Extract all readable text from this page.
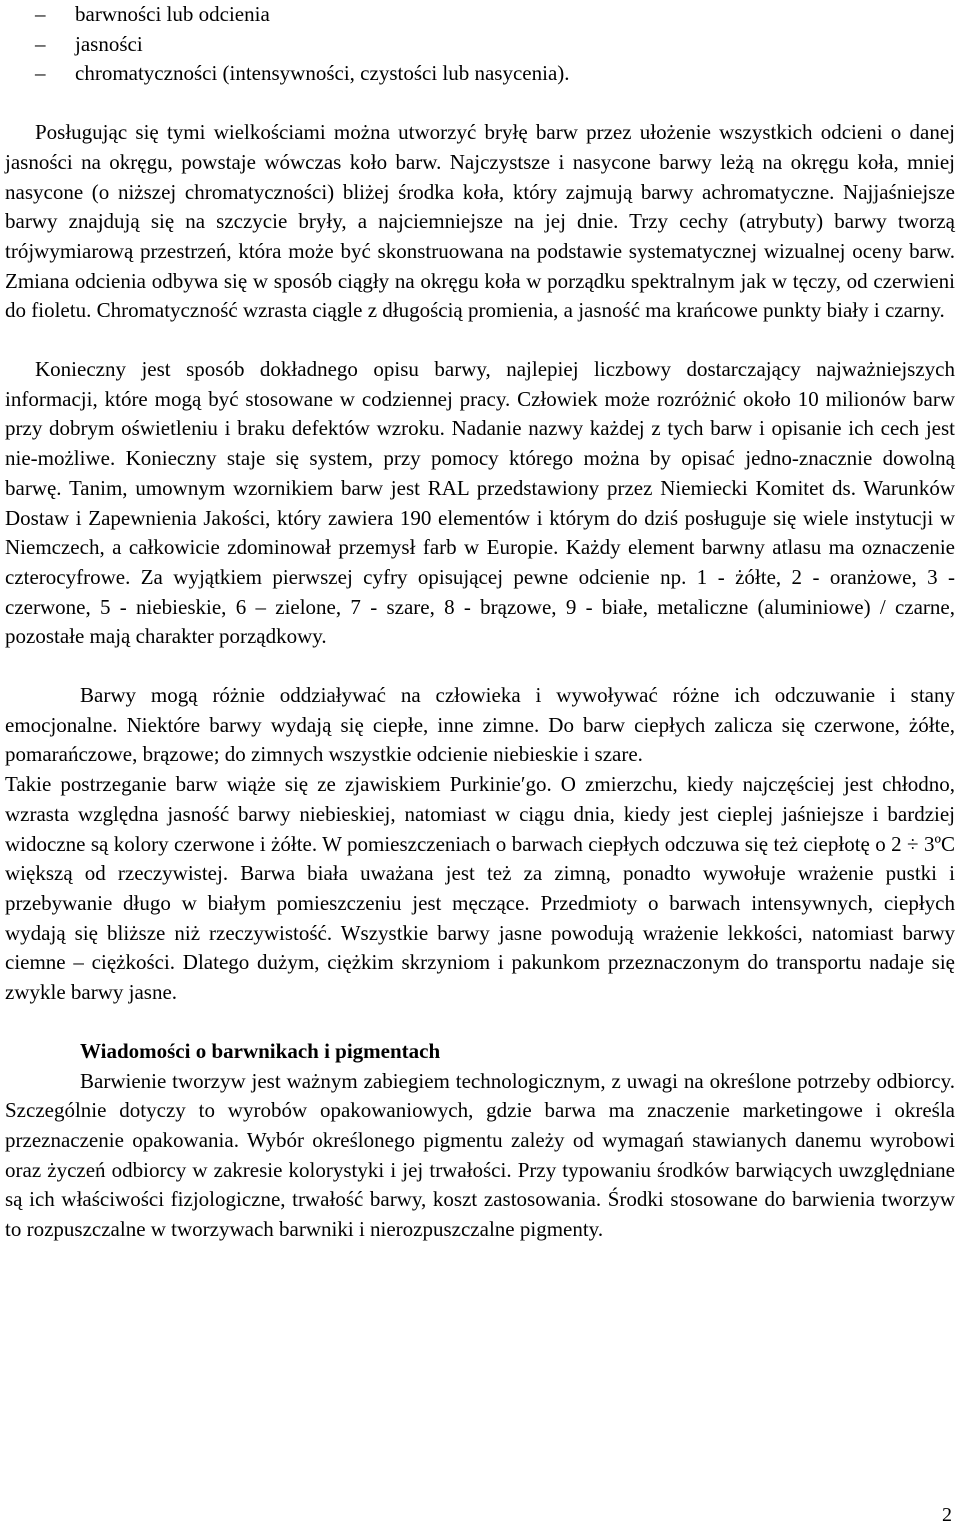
– barwności lub odcienia
– jasności
– chromatyczności (intensywności, czystości lub nasycenia).

Posługując się tymi wielkościami można utworzyć bryłę barw przez ułożenie wszystkich odcieni o danej jasności na okręgu, powstaje wówczas koło barw. Najczystsze i nasycone barwy leżą na okręgu koła, mniej nasycone (o niższej chromatyczności) bliżej środka koła, który zajmują barwy achromatyczne. Najjaśniejsze barwy znajdują się na szczycie bryły, a najciemniejsze na jej dnie. Trzy cechy (atrybuty) barwy tworzą trójwymiarową przestrzeń, która może być skonstruowana na podstawie systematycznej wizualnej oceny barw. Zmiana odcienia odbywa się w sposób ciągły na okręgu koła w porządku spektralnym jak w tęczy, od czerwieni do fioletu. Chromatyczność wzrasta ciągle z długością promienia, a jasność ma krańcowe punkty biały i czarny.

Konieczny jest sposób dokładnego opisu barwy, najlepiej liczbowy dostarczający najważniejszych informacji, które mogą być stosowane w codziennej pracy. Człowiek może rozróżnić około 10 milionów barw przy dobrym oświetleniu i braku defektów wzroku. Nadanie nazwy każdej z tych barw i opisanie ich cech jest nie-możliwe. Konieczny staje się system, przy pomocy którego można by opisać jedno-znacznie dowolną barwę. Tanim, umownym wzornikiem barw jest RAL przedstawiony przez Niemiecki Komitet ds. Warunków Dostaw i Zapewnienia Jakości, który zawiera 190 elementów i którym do dziś posługuje się wiele instytucji w Niemczech, a całkowicie zdominował przemysł farb w Europie. Każdy element barwny atlasu ma oznaczenie czterocyfrowe. Za wyjątkiem pierwszej cyfry opisującej pewne odcienie np. 1 - żółte, 2 - oranżowe, 3 - czerwone, 5 - niebieskie, 6 – zielone, 7 - szare, 8 - brązowe, 9 - białe, metaliczne (aluminiowe) / czarne, pozostałe mają charakter porządkowy.

Barwy mogą różnie oddziaływać na człowieka i wywoływać różne ich odczuwanie i stany emocjonalne. Niektóre barwy wydają się ciepłe, inne zimne. Do barw ciepłych zalicza się czerwone, żółte, pomarańczowe, brązowe; do zimnych wszystkie odcienie niebieskie i szare.

Takie postrzeganie barw wiąże się ze zjawiskiem Purkinie′go. O zmierzchu, kiedy najczęściej jest chłodno, wzrasta względna jasność barwy niebieskiej, natomiast w ciągu dnia, kiedy jest cieplej jaśniejsze i bardziej widoczne są kolory czerwone i żółte. W pomieszczeniach o barwach ciepłych odczuwa się też ciepłotę o 2 ÷ 3ºC większą od rzeczywistej. Barwa biała uważana jest też za zimną, ponadto wywołuje wrażenie pustki i przebywanie długo w białym pomieszczeniu jest męczące. Przedmioty o barwach intensywnych, ciepłych wydają się bliższe niż rzeczywistość. Wszystkie barwy jasne powodują wrażenie lekkości, natomiast barwy ciemne – ciężkości. Dlatego dużym, ciężkim skrzyniom i pakunkom przeznaczonym do transportu nadaje się zwykle barwy jasne.

Wiadomości o barwnikach i pigmentach

Barwienie tworzyw jest ważnym zabiegiem technologicznym, z uwagi na określone potrzeby odbiorcy. Szczególnie dotyczy to wyrobów opakowaniowych, gdzie barwa ma znaczenie marketingowe i określa przeznaczenie opakowania. Wybór określonego pigmentu zależy od wymagań stawianych danemu wyrobowi oraz życzeń odbiorcy w zakresie kolorystyki i jej trwałości. Przy typowaniu środków barwiących uwzględniane są ich właściwości fizjologiczne, trwałość barwy, koszt zastosowania. Środki stosowane do barwienia tworzyw to rozpuszczalne w tworzywach barwniki i nierozpuszczalne pigmenty.

2
